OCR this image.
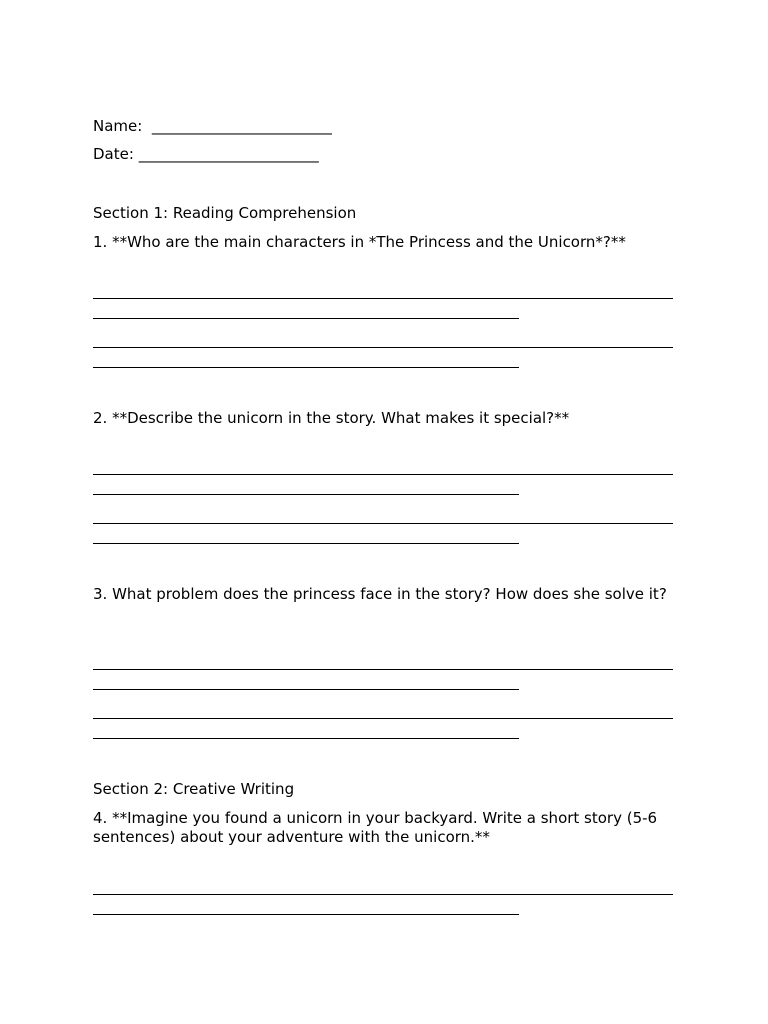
Name: ________________________
Date: ________________________
Section 1: Reading Comprehension
1. **Who are the main characters in *The Princess and the Unicorn*?**
2. **Describe the unicorn in the story. What makes it special?**
3. What problem does the princess face in the story? How does she solve it?
Section 2: Creative Writing
4. **Imagine you found a unicorn in your backyard. Write a short story (5-6 sentences) about your adventure with the unicorn.**
